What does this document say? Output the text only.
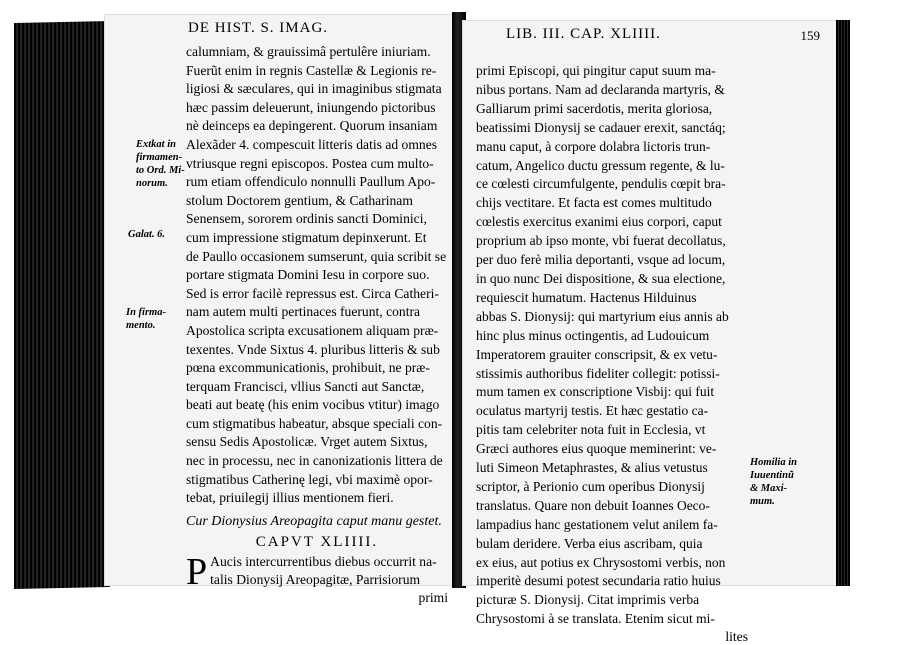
DE HIST. S. IMAG.
Extkat in
firmamen-
to Ord. Mi-
norum.
Galat. 6.
In firma-
mento.
calumniam, & grauissimâ pertulêre iniuriam.
Fuerũt enim in regnis Castellæ & Legionis re-
ligiosi & sæculares, qui in imaginibus stigmata
hæc passim deleuerunt, iniungendo pictoribus
nè deinceps ea depingerent. Quorum insaniam
Alexãder 4. compescuit litteris datis ad omnes
vtriusque regni episcopos. Postea cum multo-
rum etiam offendiculo nonnulli Paullum Apo-
stolum Doctorem gentium, & Catharinam
Senensem, sororem ordinis sancti Dominici,
cum impressione stigmatum depinxerunt. Et
de Paullo occasionem sumserunt, quia scribit se
portare stigmata Domini Iesu in corpore suo.
Sed is error facilè repressus est. Circa Catheri-
nam autem multi pertinaces fuerunt, contra
Apostolica scripta excusationem aliquam præ-
texentes. Vnde Sixtus 4. pluribus litteris & sub
pœna excommunicationis, prohibuit, ne præ-
terquam Francisci, vllius Sancti aut Sanctæ,
beati aut beatę (his enim vocibus vtitur) imago
cum stigmatibus habeatur, absque speciali con-
sensu Sedis Apostolicæ. Vrget autem Sixtus,
nec in processu, nec in canonizationis littera de
stigmatibus Catherinę legi, vbi maximè opor-
tebat, priuilegij illius mentionem fieri.
Cur Dionysius Areopagita caput manu gestet.
CAPVT XLIIII.
P Aucis intercurrentibus diebus occurrit na-
talis Dionysij Areopagitæ, Parrisiorum
primi
LIB. III. CAP. XLIIII.	159
primi Episcopi, qui pingitur caput suum ma-
nibus portans. Nam ad declaranda martyris, &
Galliarum primi sacerdotis, merita gloriosa,
beatissimi Dionysij se cadauer erexit, sanctáq;
manu caput, à corpore dolabra lictoris trun-
catum, Angelico ductu gressum regente, & lu-
ce cœlesti circumfulgente, pendulis cœpit bra-
chijs vectitare. Et facta est comes multitudo
cœlestis exercitus exanimi eius corpori, caput
proprium ab ipso monte, vbi fuerat decollatus,
per duo ferè milia deportanti, vsque ad locum,
in quo nunc Dei dispositione, & sua electione,
requiescit humatum. Hactenus Hilduinus
abbas S. Dionysij: qui martyrium eius annis ab
hinc plus minus octingentis, ad Ludouicum
Imperatorem grauiter conscripsit, & ex vetu-
stissimis authoribus fideliter collegit: potissi-
mum tamen ex conscriptione Visbij: qui fuit
oculatus martyrij testis. Et hæc gestatio ca-
pitis tam celebriter nota fuit in Ecclesia, vt
Græci authores eius quoque meminerint: ve-
luti Simeon Metaphrastes, & alius vetustus
scriptor, à Perionio cum operibus Dionysij
translatus. Quare non debuit Ioannes Oeco-
lampadius hanc gestationem velut anilem fa-
bulam deridere. Verba eius ascribam, quia
ex eius, aut potius ex Chrysostomi verbis, non
imperitè desumi potest secundaria ratio huius
picturæ S. Dionysij. Citat imprimis verba
Chrysostomi à se translata. Etenim sicut mi-
lites
Homilia in
Iuuentinũ
& Maxi-
mum.
